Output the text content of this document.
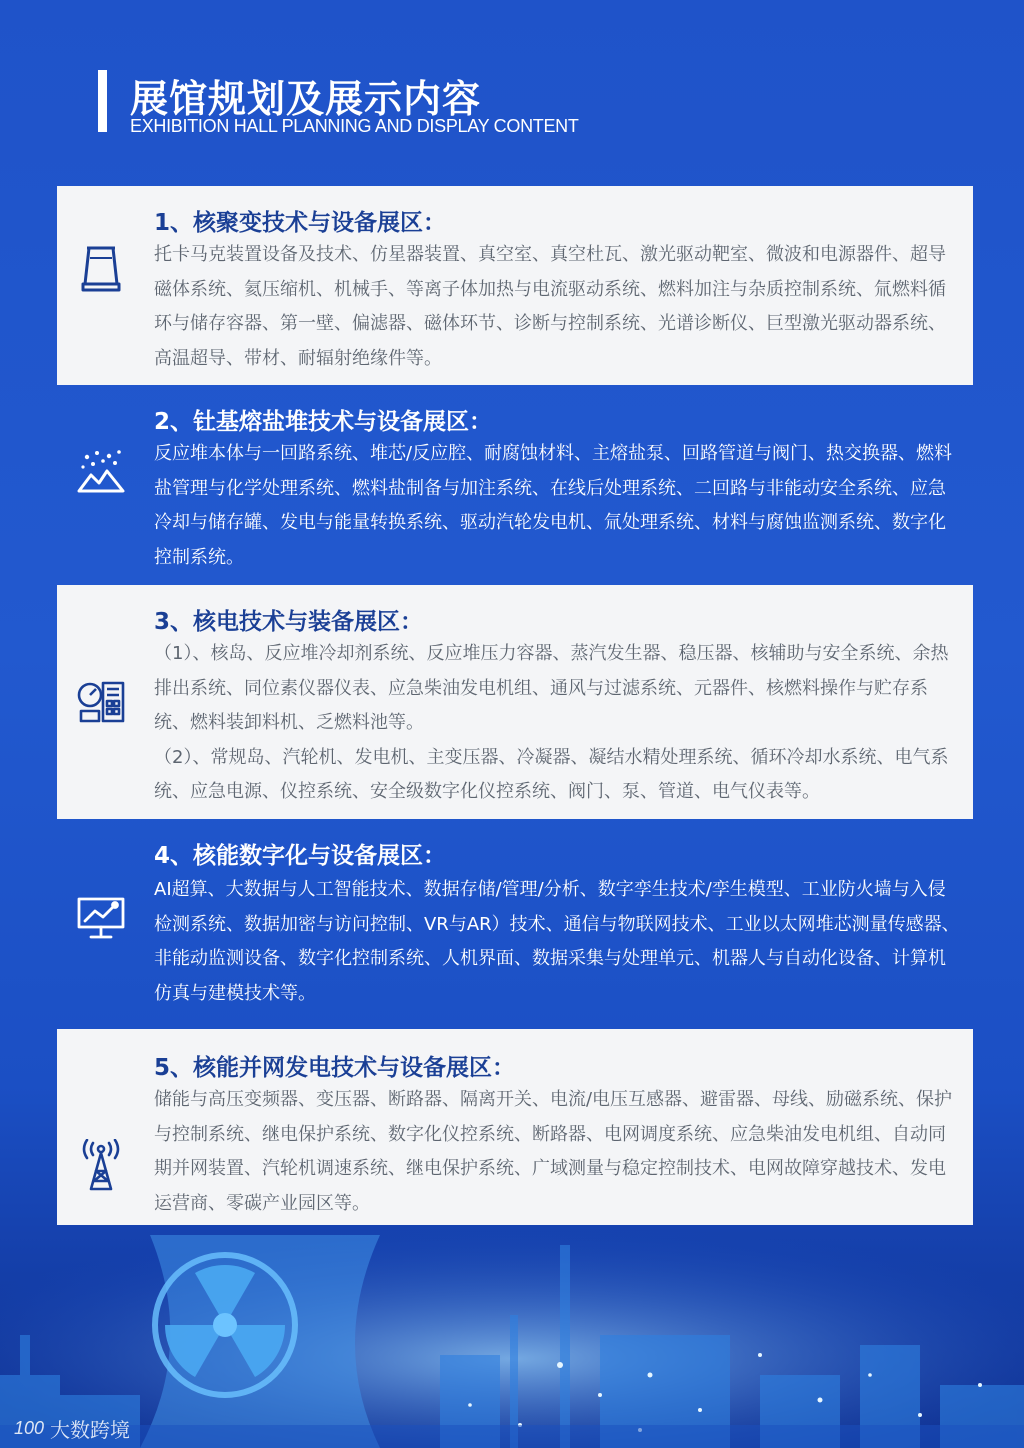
展馆规划及展示内容
EXHIBITION HALL PLANNING AND DISPLAY CONTENT
1、核聚变技术与设备展区：

托卡马克装置设备及技术、仿星器装置、真空室、真空杜瓦、激光驱动靶室、微波和电源器件、超导磁体系统、氦压缩机、机械手、等离子体加热与电流驱动系统、燃料加注与杂质控制系统、氚燃料循环与储存容器、第一壁、偏滤器、磁体环节、诊断与控制系统、光谱诊断仪、巨型激光驱动器系统、高温超导、带材、耐辐射绝缘件等。

2、钍基熔盐堆技术与设备展区：

反应堆本体与一回路系统、堆芯/反应腔、耐腐蚀材料、主熔盐泵、回路管道与阀门、热交换器、燃料盐管理与化学处理系统、燃料盐制备与加注系统、在线后处理系统、二回路与非能动安全系统、应急冷却与储存罐、发电与能量转换系统、驱动汽轮发电机、氚处理系统、材料与腐蚀监测系统、数字化控制系统。

3、核电技术与装备展区：

（1）、核岛、反应堆冷却剂系统、反应堆压力容器、蒸汽发生器、稳压器、核辅助与安全系统、余热排出系统、同位素仪器仪表、应急柴油发电机组、通风与过滤系统、元器件、核燃料操作与贮存系统、燃料装卸料机、乏燃料池等。

（2）、常规岛、汽轮机、发电机、主变压器、冷凝器、凝结水精处理系统、循环冷却水系统、电气系统、应急电源、仪控系统、安全级数字化仪控系统、阀门、泵、管道、电气仪表等。

4、核能数字化与设备展区：

AI超算、大数据与人工智能技术、数据存储/管理/分析、数字孪生技术/孪生模型、工业防火墙与入侵检测系统、数据加密与访问控制、VR与AR）技术、通信与物联网技术、工业以太网堆芯测量传感器、非能动监测设备、数字化控制系统、人机界面、数据采集与处理单元、机器人与自动化设备、计算机仿真与建模技术等。

5、核能并网发电技术与设备展区：

储能与高压变频器、变压器、断路器、隔离开关、电流/电压互感器、避雷器、母线、励磁系统、保护与控制系统、继电保护系统、数字化仪控系统、断路器、电网调度系统、应急柴油发电机组、自动同期并网装置、汽轮机调速系统、继电保护系统、广域测量与稳定控制技术、电网故障穿越技术、发电运营商、零碳产业园区等。

100 大数跨境
